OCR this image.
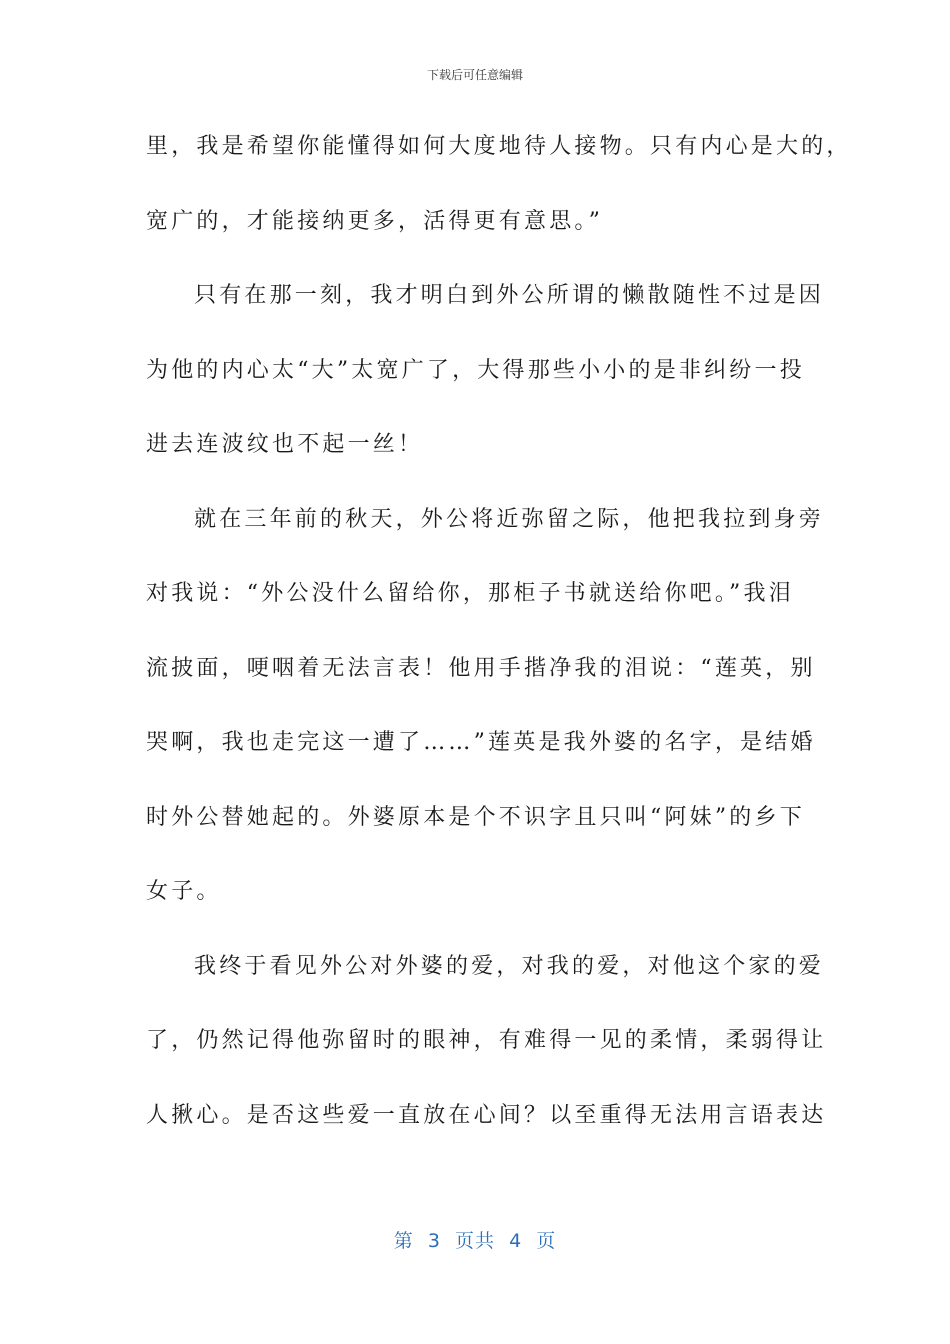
下载后可任意编辑
里，我是希望你能懂得如何大度地待人接物。只有内心是大的，
宽广的，才能接纳更多，活得更有意思。”
只有在那一刻，我才明白到外公所谓的懒散随性不过是因
为他的内心太“大”太宽广了，大得那些小小的是非纠纷一投
进去连波纹也不起一丝！
就在三年前的秋天，外公将近弥留之际，他把我拉到身旁
对我说：“外公没什么留给你，那柜子书就送给你吧。”我泪
流披面，哽咽着无法言表！他用手揩净我的泪说：“莲英，别
哭啊，我也走完这一遭了……”莲英是我外婆的名字，是结婚
时外公替她起的。外婆原本是个不识字且只叫“阿妹”的乡下
女子。
我终于看见外公对外婆的爱，对我的爱，对他这个家的爱
了，仍然记得他弥留时的眼神，有难得一见的柔情，柔弱得让
人揪心。是否这些爱一直放在心间？以至重得无法用言语表达
第  3  页共  4  页
